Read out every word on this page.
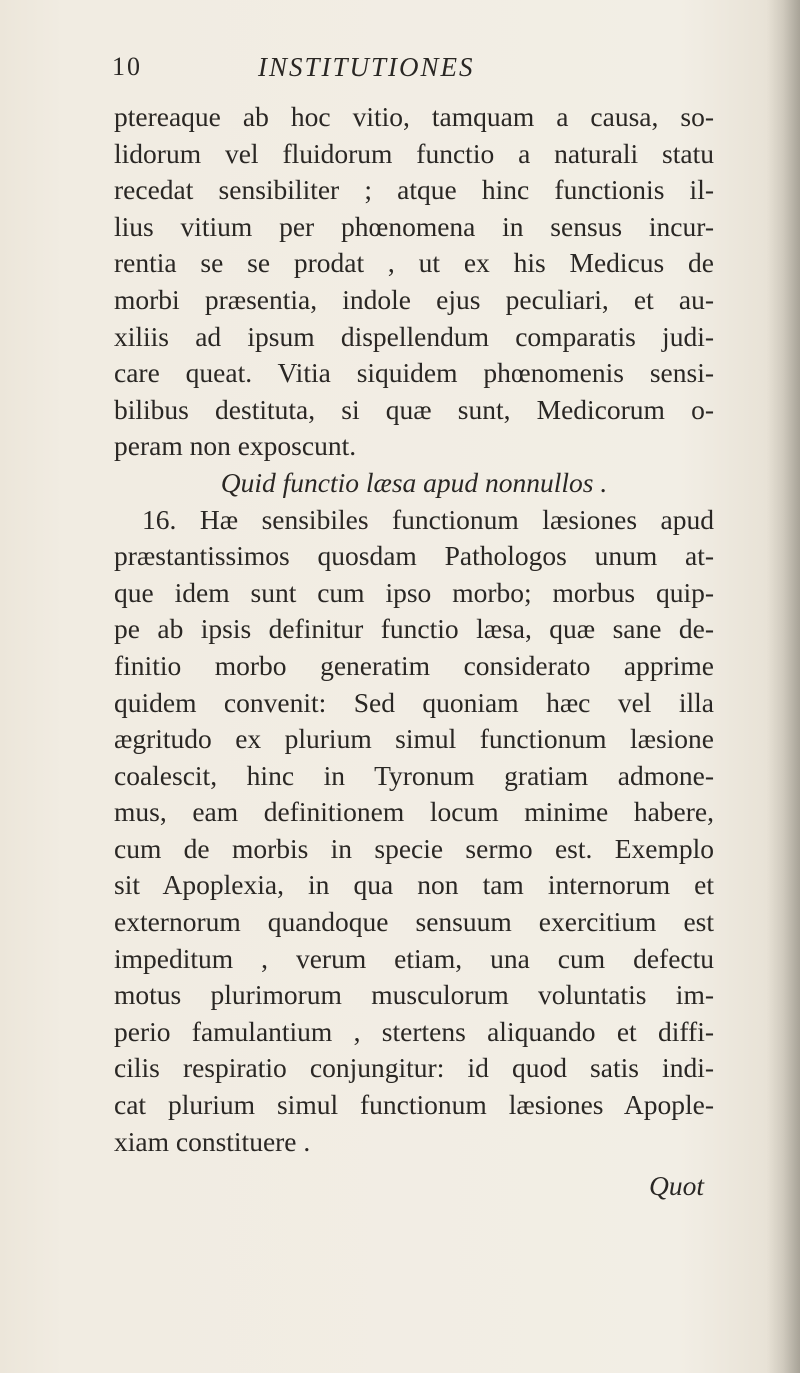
10	INSTITUTIONES
ptereaque ab hoc vitio, tamquam a causa, so-
lidorum vel fluidorum functio a naturali statu
recedat sensibiliter ; atque hinc functionis il-
lius vitium per phœnomena in sensus incur-
rentia se se prodat , ut ex his Medicus de
morbi præsentia, indole ejus peculiari, et au-
xiliis ad ipsum dispellendum comparatis judi-
care queat. Vitia siquidem phœnomenis sensi-
bilibus destituta, si quæ sunt, Medicorum o-
peram non exposcunt.
Quid functio læsa apud nonnullos .
16. Hæ sensibiles functionum læsiones apud
præstantissimos quosdam Pathologos unum at-
que idem sunt cum ipso morbo; morbus quip-
pe ab ipsis definitur functio læsa, quæ sane de-
finitio morbo generatim considerato apprime
quidem convenit: Sed quoniam hæc vel illa
ægritudo ex plurium simul functionum læsione
coalescit, hinc in Tyronum gratiam admone-
mus, eam definitionem locum minime habere,
cum de morbis in specie sermo est. Exemplo
sit Apoplexia, in qua non tam internorum et
externorum quandoque sensuum exercitium est
impeditum , verum etiam, una cum defectu
motus plurimorum musculorum voluntatis im-
perio famulantium , stertens aliquando et diffi-
cilis respiratio conjungitur: id quod satis indi-
cat plurium simul functionum læsiones Apople-
xiam constituere .
Quot
